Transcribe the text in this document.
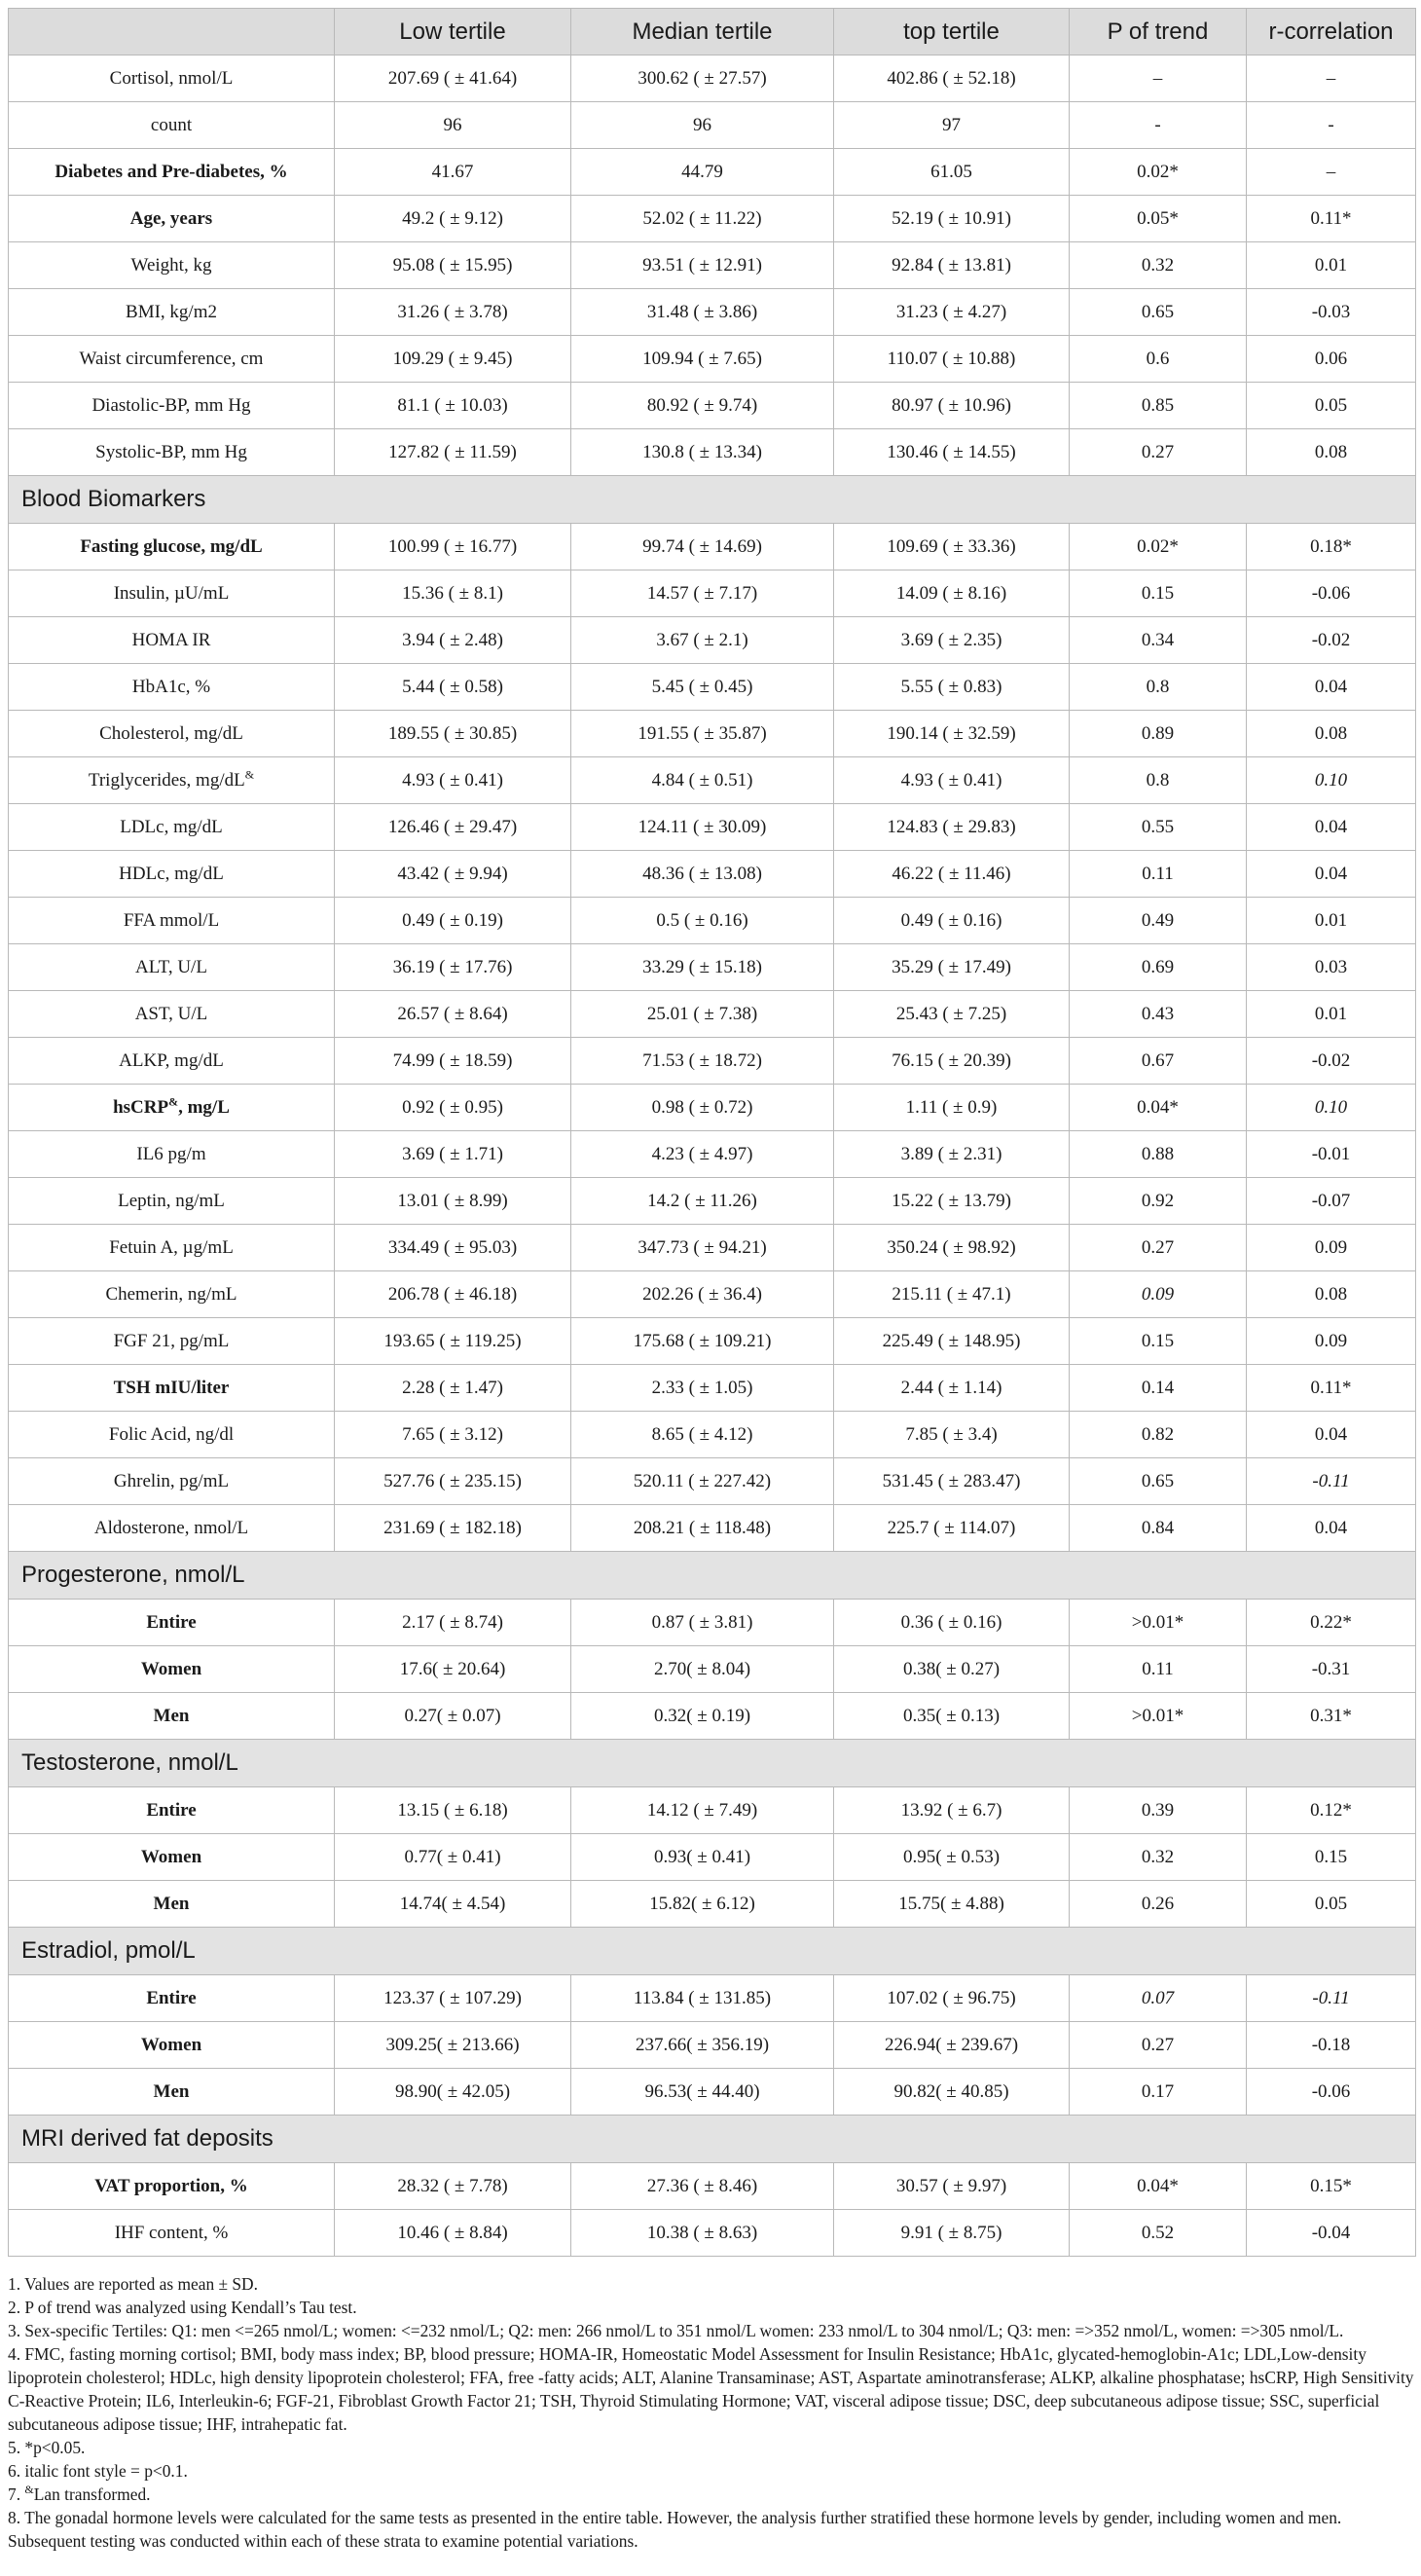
	Low tertile	Median tertile	top tertile	P of trend	r-correlation
Cortisol, nmol/L	207.69 ( ± 41.64)	300.62 ( ± 27.57)	402.86 ( ± 52.18)	–	–
count	96	96	97	-	-
Diabetes and Pre-diabetes, %	41.67	44.79	61.05	0.02*	–
Age, years	49.2 ( ± 9.12)	52.02 ( ± 11.22)	52.19 ( ± 10.91)	0.05*	0.11*
Weight, kg	95.08 ( ± 15.95)	93.51 ( ± 12.91)	92.84 ( ± 13.81)	0.32	0.01
BMI, kg/m2	31.26 ( ± 3.78)	31.48 ( ± 3.86)	31.23 ( ± 4.27)	0.65	-0.03
Waist circumference, cm	109.29 ( ± 9.45)	109.94 ( ± 7.65)	110.07 ( ± 10.88)	0.6	0.06
Diastolic-BP, mm Hg	81.1 ( ± 10.03)	80.92 ( ± 9.74)	80.97 ( ± 10.96)	0.85	0.05
Systolic-BP, mm Hg	127.82 ( ± 11.59)	130.8 ( ± 13.34)	130.46 ( ± 14.55)	0.27	0.08
Blood Biomarkers					
Fasting glucose, mg/dL	100.99 ( ± 16.77)	99.74 ( ± 14.69)	109.69 ( ± 33.36)	0.02*	0.18*
Insulin, µU/mL	15.36 ( ± 8.1)	14.57 ( ± 7.17)	14.09 ( ± 8.16)	0.15	-0.06
HOMA IR	3.94 ( ± 2.48)	3.67 ( ± 2.1)	3.69 ( ± 2.35)	0.34	-0.02
HbA1c, %	5.44 ( ± 0.58)	5.45 ( ± 0.45)	5.55 ( ± 0.83)	0.8	0.04
Cholesterol, mg/dL	189.55 ( ± 30.85)	191.55 ( ± 35.87)	190.14 ( ± 32.59)	0.89	0.08
Triglycerides, mg/dL&	4.93 ( ± 0.41)	4.84 ( ± 0.51)	4.93 ( ± 0.41)	0.8	0.10
LDLc, mg/dL	126.46 ( ± 29.47)	124.11 ( ± 30.09)	124.83 ( ± 29.83)	0.55	0.04
HDLc, mg/dL	43.42 ( ± 9.94)	48.36 ( ± 13.08)	46.22 ( ± 11.46)	0.11	0.04
FFA mmol/L	0.49 ( ± 0.19)	0.5 ( ± 0.16)	0.49 ( ± 0.16)	0.49	0.01
ALT, U/L	36.19 ( ± 17.76)	33.29 ( ± 15.18)	35.29 ( ± 17.49)	0.69	0.03
AST, U/L	26.57 ( ± 8.64)	25.01 ( ± 7.38)	25.43 ( ± 7.25)	0.43	0.01
ALKP, mg/dL	74.99 ( ± 18.59)	71.53 ( ± 18.72)	76.15 ( ± 20.39)	0.67	-0.02
hsCRP&, mg/L	0.92 ( ± 0.95)	0.98 ( ± 0.72)	1.11 ( ± 0.9)	0.04*	0.10
IL6 pg/m	3.69 ( ± 1.71)	4.23 ( ± 4.97)	3.89 ( ± 2.31)	0.88	-0.01
Leptin, ng/mL	13.01 ( ± 8.99)	14.2 ( ± 11.26)	15.22 ( ± 13.79)	0.92	-0.07
Fetuin A, µg/mL	334.49 ( ± 95.03)	347.73 ( ± 94.21)	350.24 ( ± 98.92)	0.27	0.09
Chemerin, ng/mL	206.78 ( ± 46.18)	202.26 ( ± 36.4)	215.11 ( ± 47.1)	0.09	0.08
FGF 21, pg/mL	193.65 ( ± 119.25)	175.68 ( ± 109.21)	225.49 ( ± 148.95)	0.15	0.09
TSH mIU/liter	2.28 ( ± 1.47)	2.33 ( ± 1.05)	2.44 ( ± 1.14)	0.14	0.11*
Folic Acid, ng/dl	7.65 ( ± 3.12)	8.65 ( ± 4.12)	7.85 ( ± 3.4)	0.82	0.04
Ghrelin, pg/mL	527.76 ( ± 235.15)	520.11 ( ± 227.42)	531.45 ( ± 283.47)	0.65	-0.11
Aldosterone, nmol/L	231.69 ( ± 182.18)	208.21 ( ± 118.48)	225.7 ( ± 114.07)	0.84	0.04
Progesterone, nmol/L					
Entire	2.17 ( ± 8.74)	0.87 ( ± 3.81)	0.36 ( ± 0.16)	>0.01*	0.22*
Women	17.6( ± 20.64)	2.70( ± 8.04)	0.38( ± 0.27)	0.11	-0.31
Men	0.27( ± 0.07)	0.32( ± 0.19)	0.35( ± 0.13)	>0.01*	0.31*
Testosterone, nmol/L					
Entire	13.15 ( ± 6.18)	14.12 ( ± 7.49)	13.92 ( ± 6.7)	0.39	0.12*
Women	0.77( ± 0.41)	0.93( ± 0.41)	0.95( ± 0.53)	0.32	0.15
Men	14.74( ± 4.54)	15.82( ± 6.12)	15.75( ± 4.88)	0.26	0.05
Estradiol, pmol/L					
Entire	123.37 ( ± 107.29)	113.84 ( ± 131.85)	107.02 ( ± 96.75)	0.07	-0.11
Women	309.25( ± 213.66)	237.66( ± 356.19)	226.94( ± 239.67)	0.27	-0.18
Men	98.90( ± 42.05)	96.53( ± 44.40)	90.82( ± 40.85)	0.17	-0.06
MRI derived fat deposits					
VAT proportion, %	28.32 ( ± 7.78)	27.36 ( ± 8.46)	30.57 ( ± 9.97)	0.04*	0.15*
IHF content, %	10.46 ( ± 8.84)	10.38 ( ± 8.63)	9.91 ( ± 8.75)	0.52	-0.04
1. Values are reported as mean ± SD.
2. P of trend was analyzed using Kendall’s Tau test.
3. Sex-specific Tertiles: Q1: men <=265 nmol/L; women: <=232 nmol/L; Q2: men: 266 nmol/L to 351 nmol/L women: 233 nmol/L to 304 nmol/L; Q3: men: =>352 nmol/L, women: =>305 nmol/L.
4. FMC, fasting morning cortisol; BMI, body mass index; BP, blood pressure; HOMA-IR, Homeostatic Model Assessment for Insulin Resistance; HbA1c, glycated-hemoglobin-A1c; LDL,Low-density lipoprotein cholesterol; HDLc, high density lipoprotein cholesterol; FFA, free -fatty acids; ALT, Alanine Transaminase; AST, Aspartate aminotransferase; ALKP, alkaline phosphatase; hsCRP, High Sensitivity C-Reactive Protein; IL6, Interleukin-6; FGF-21, Fibroblast Growth Factor 21; TSH, Thyroid Stimulating Hormone; VAT, visceral adipose tissue; DSC, deep subcutaneous adipose tissue; SSC, superficial subcutaneous adipose tissue; IHF, intrahepatic fat.
5. *p<0.05.
6. italic font style = p<0.1.
7. &Lan transformed.
8. The gonadal hormone levels were calculated for the same tests as presented in the entire table. However, the analysis further stratified these hormone levels by gender, including women and men. Subsequent testing was conducted within each of these strata to examine potential variations.
